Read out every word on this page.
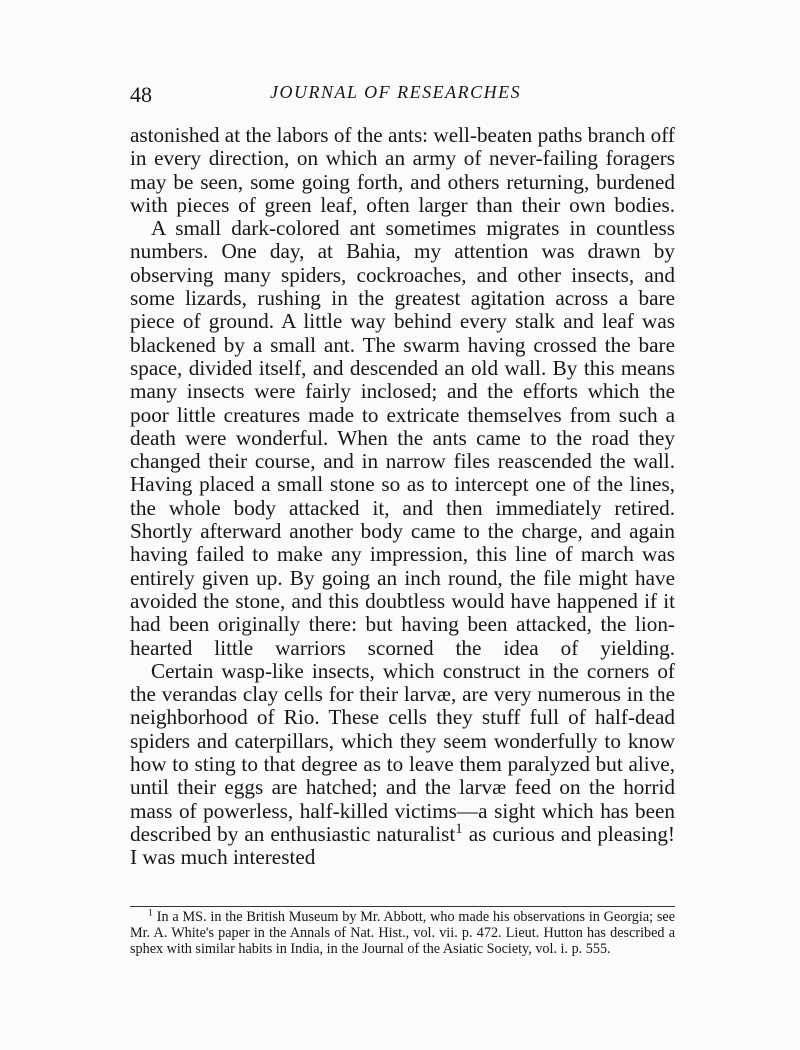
48	JOURNAL OF RESEARCHES

astonished at the labors of the ants: well-beaten paths branch off in every direction, on which an army of never-failing foragers may be seen, some going forth, and others returning, burdened with pieces of green leaf, often larger than their own bodies.

A small dark-colored ant sometimes migrates in countless numbers. One day, at Bahia, my attention was drawn by observing many spiders, cockroaches, and other insects, and some lizards, rushing in the greatest agitation across a bare piece of ground. A little way behind every stalk and leaf was blackened by a small ant. The swarm having crossed the bare space, divided itself, and descended an old wall. By this means many insects were fairly inclosed; and the efforts which the poor little creatures made to extricate themselves from such a death were wonderful. When the ants came to the road they changed their course, and in narrow files reascended the wall. Having placed a small stone so as to intercept one of the lines, the whole body attacked it, and then immediately retired. Shortly afterward another body came to the charge, and again having failed to make any impression, this line of march was entirely given up. By going an inch round, the file might have avoided the stone, and this doubtless would have happened if it had been originally there: but having been attacked, the lion-hearted little warriors scorned the idea of yielding.

Certain wasp-like insects, which construct in the corners of the verandas clay cells for their larvæ, are very numerous in the neighborhood of Rio. These cells they stuff full of half-dead spiders and caterpillars, which they seem wonderfully to know how to sting to that degree as to leave them paralyzed but alive, until their eggs are hatched; and the larvæ feed on the horrid mass of powerless, half-killed victims—a sight which has been described by an enthusiastic naturalist$^1$ as curious and pleasing! I was much interested

$^1$ In a MS. in the British Museum by Mr. Abbott, who made his observations in Georgia; see Mr. A. White's paper in the Annals of Nat. Hist., vol. vii. p. 472. Lieut. Hutton has described a sphex with similar habits in India, in the Journal of the Asiatic Society, vol. i. p. 555.
